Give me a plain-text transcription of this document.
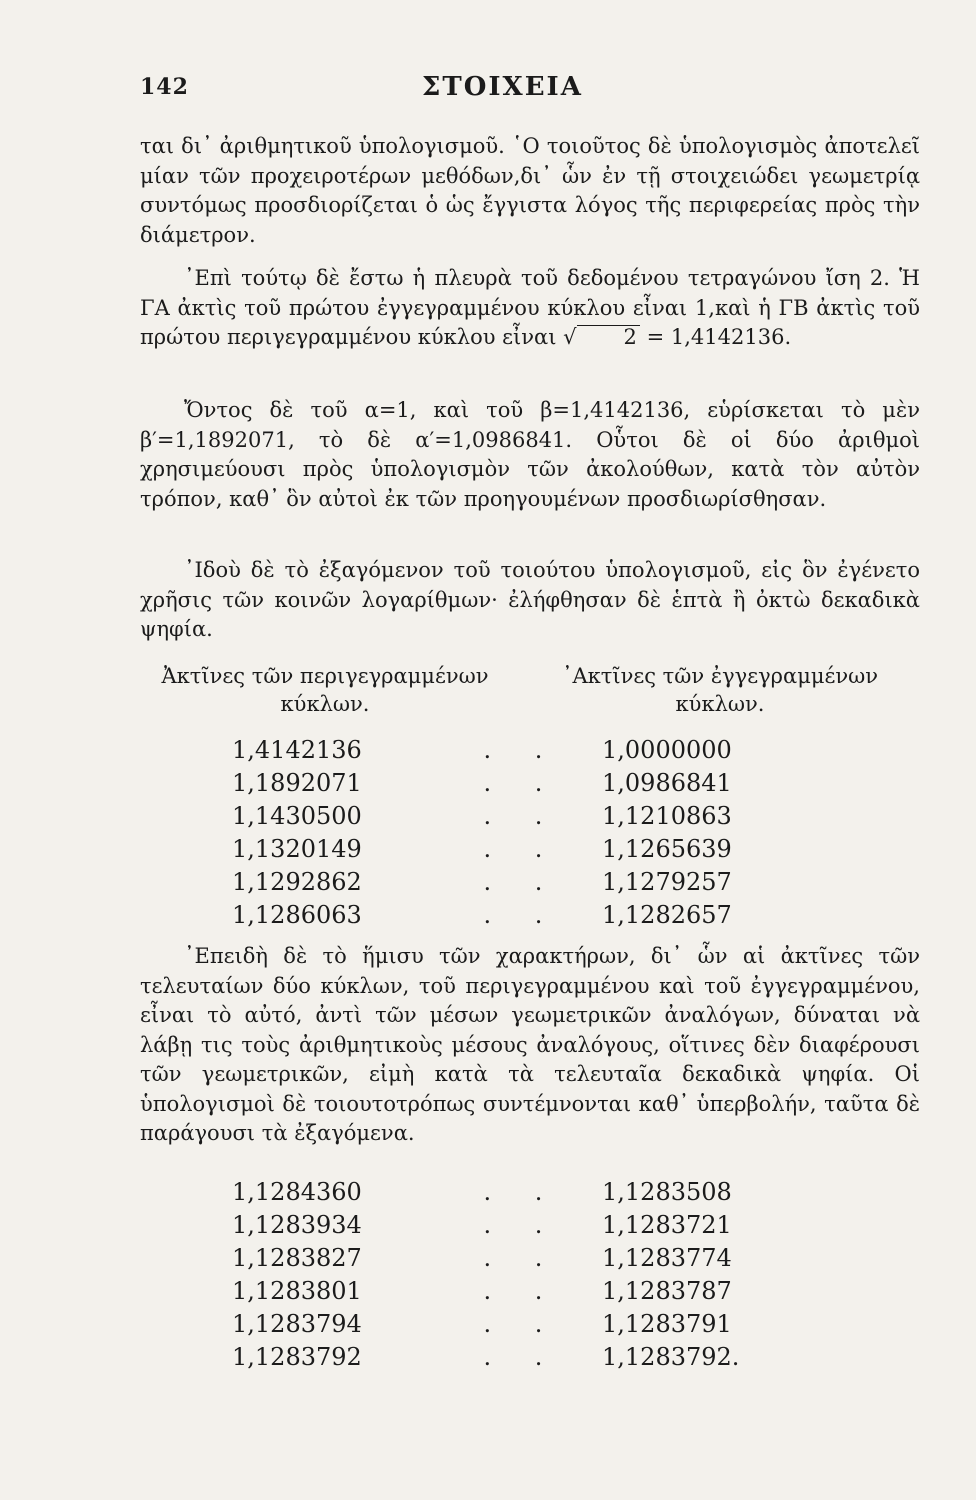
142	ΣΤΟΙΧΕΙΑ

ται δι᾽ ἀριθμητικοῦ ὑπολογισμοῦ. ῾Ο τοιοῦτος δὲ ὑπολογισμὸς ἀποτελεῖ μίαν τῶν προχειροτέρων μεθόδων,δι᾽ ὧν ἐν τῇ στοιχειώδει γεωμετρίᾳ συντόμως προσδιορίζεται ὁ ὡς ἔγγιστα λόγος τῆς περιφερείας πρὸς τὴν διάμετρον.

᾽Επὶ τούτῳ δὲ ἔστω ἡ πλευρὰ τοῦ δεδομένου τετραγώνου ἴση 2. Ἡ ΓΑ ἀκτὶς τοῦ πρώτου ἐγγεγραμμένου κύκλου εἶναι 1,καὶ ἡ ΓΒ ἀκτὶς τοῦ πρώτου περιγεγραμμένου κύκλου εἶναι √ 2 = 1,4142136.

Ὄντος δὲ τοῦ α=1, καὶ τοῦ β=1,4142136, εὑρίσκεται τὸ μὲν β′=1,1892071, τὸ δὲ α′=1,0986841. Οὗτοι δὲ οἱ δύο ἀριθμοὶ χρησιμεύουσι πρὸς ὑπολογισμὸν τῶν ἀκολούθων, κατὰ τὸν αὐτὸν τρόπον, καθ᾽ ὃν αὐτοὶ ἐκ τῶν προηγουμένων προσδιωρίσθησαν.

᾽Ιδοὺ δὲ τὸ ἐξαγόμενον τοῦ τοιούτου ὑπολογισμοῦ, εἰς ὃν ἐγένετο χρῆσις τῶν κοινῶν λογαρίθμων· ἐλήφθησαν δὲ ἑπτὰ ἢ ὀκτὼ δεκαδικὰ ψηφία.

Ἀκτῖνες τῶν περιγεγραμμένων
κύκλων.
᾽Ακτῖνες τῶν ἐγγεγραμμένων
κύκλων.
1,4142136	. . 1,0000000
1,1892071	. . 1,0986841
1,1430500	. . 1,1210863
1,1320149	. . 1,1265639
1,1292862	. . 1,1279257
1,1286063	. . 1,1282657

᾽Επειδὴ δὲ τὸ ἥμισυ τῶν χαρακτήρων, δι᾽ ὧν αἱ ἀκτῖνες τῶν τελευταίων δύο κύκλων, τοῦ περιγεγραμμένου καὶ τοῦ ἐγγεγραμμένου, εἶναι τὸ αὐτό, ἀντὶ τῶν μέσων γεωμετρικῶν ἀναλόγων, δύναται νὰ λάβῃ τις τοὺς ἀριθμητικοὺς μέσους ἀναλόγους, οἵτινες δὲν διαφέρουσι τῶν γεωμετρικῶν, εἰμὴ κατὰ τὰ τελευταῖα δεκαδικὰ ψηφία. Οἱ ὑπολογισμοὶ δὲ τοιουτοτρόπως συντέμνονται καθ᾽ ὑπερβολήν, ταῦτα δὲ παράγουσι τὰ ἐξαγόμενα.

1,1284360	. . 1,1283508
1,1283934	. . 1,1283721
1,1283827	. . 1,1283774
1,1283801	. . 1,1283787
1,1283794	. . 1,1283791
1,1283792	. . 1,1283792.
